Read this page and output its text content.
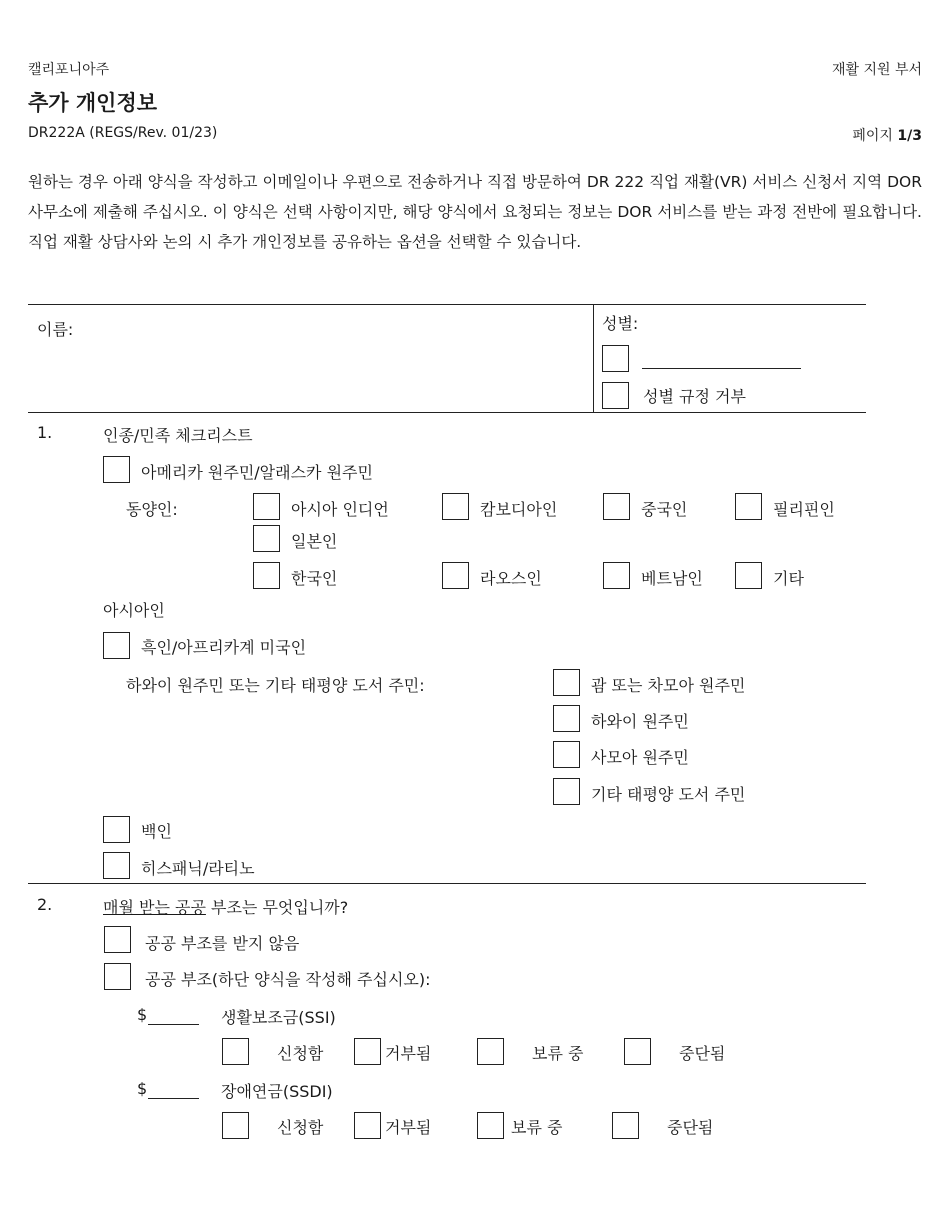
캘리포니아주	재활 지원 부서
추가 개인정보
DR222A (REGS/Rev. 01/23)	페이지 1/3
원하는 경우 아래 양식을 작성하고 이메일이나 우편으로 전송하거나 직접 방문하여 DR 222 직업 재활(VR) 서비스 신청서 지역 DOR 사무소에 제출해 주십시오. 이 양식은 선택 사항이지만, 해당 양식에서 요청되는 정보는 DOR 서비스를 받는 과정 전반에 필요합니다. 직업 재활 상담사와 논의 시 추가 개인정보를 공유하는 옵션을 선택할 수 있습니다.
이름:	성별:
성별 규정 거부
1.	인종/민족 체크리스트
아메리카 원주민/알래스카 원주민
동양인:	아시아 인디언	캄보디아인	중국인	필리핀인
일본인
한국인	라오스인	베트남인	기타
아시아인
흑인/아프리카계 미국인
하와이 원주민 또는 기타 태평양 도서 주민:	괌 또는 차모아 원주민
하와이 원주민
사모아 원주민
기타 태평양 도서 주민
백인
히스패닉/라티노
2.	매월 받는 공공 부조는 무엇입니까?
공공 부조를 받지 않음
공공 부조(하단 양식을 작성해 주십시오):
$	생활보조금(SSI)
신청함	거부됨	보류 중	중단됨
$	장애연금(SSDI)
신청함	거부됨	보류 중	중단됨
